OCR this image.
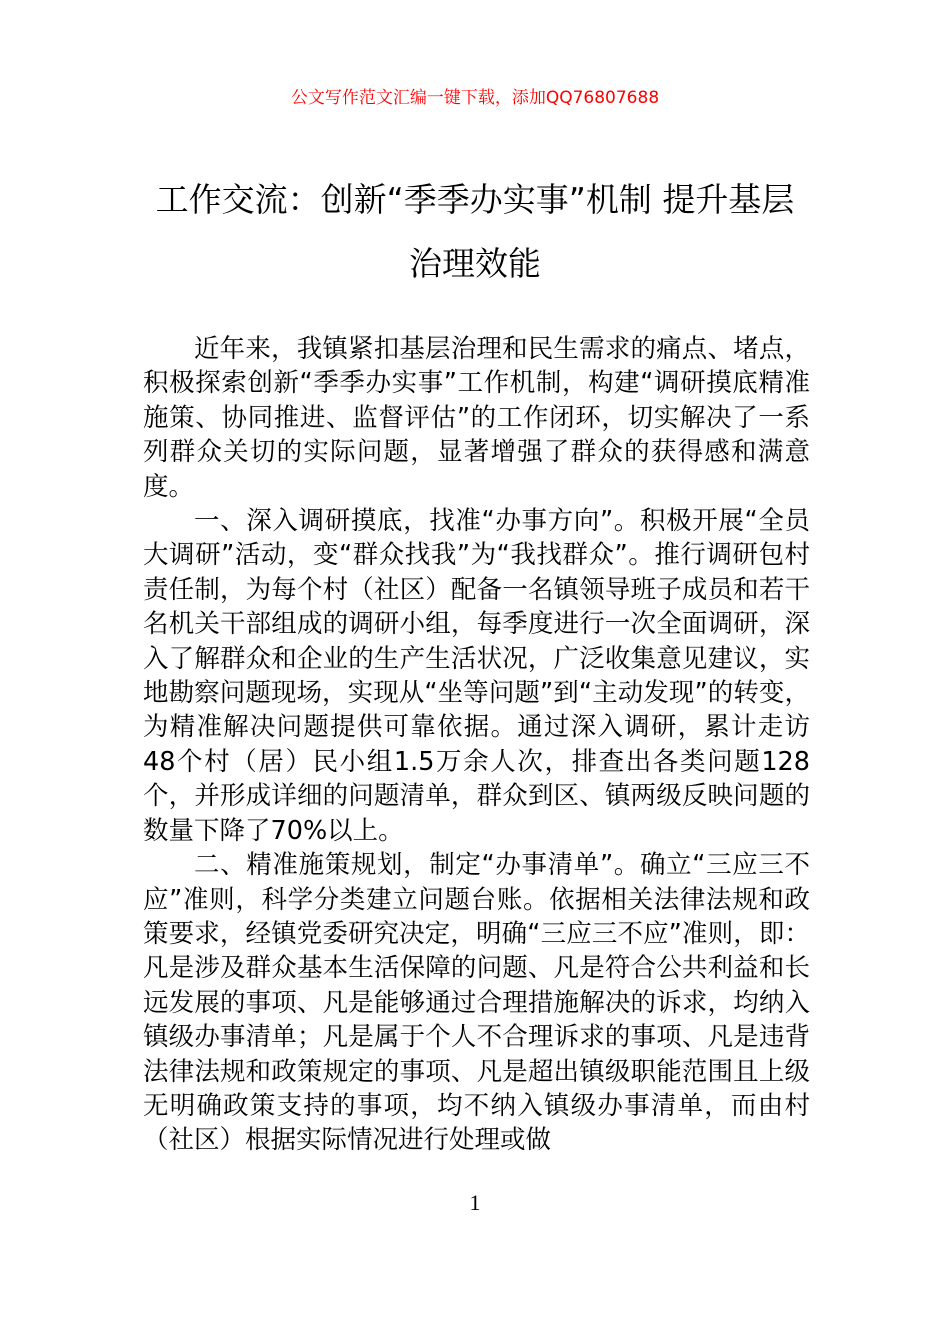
公文写作范文汇编一键下载，添加QQ76807688
工作交流：创新“季季办实事”机制 提升基层治理效能

近年来，我镇紧扣基层治理和民生需求的痛点、堵点，积极探索创新“季季办实事”工作机制，构建“调研摸底精准施策、协同推进、监督评估”的工作闭环，切实解决了一系列群众关切的实际问题，显著增强了群众的获得感和满意度。

一、深入调研摸底，找准“办事方向”。积极开展“全员大调研”活动，变“群众找我”为“我找群众”。推行调研包村责任制，为每个村（社区）配备一名镇领导班子成员和若干名机关干部组成的调研小组，每季度进行一次全面调研，深入了解群众和企业的生产生活状况，广泛收集意见建议，实地勘察问题现场，实现从“坐等问题”到“主动发现”的转变，为精准解决问题提供可靠依据。通过深入调研，累计走访48个村（居）民小组1.5万余人次，排查出各类问题128个，并形成详细的问题清单，群众到区、镇两级反映问题的数量下降了70%以上。

二、精准施策规划，制定“办事清单”。确立“三应三不应”准则，科学分类建立问题台账。依据相关法律法规和政策要求，经镇党委研究决定，明确“三应三不应”准则，即：凡是涉及群众基本生活保障的问题、凡是符合公共利益和长远发展的事项、凡是能够通过合理措施解决的诉求，均纳入镇级办事清单；凡是属于个人不合理诉求的事项、凡是违背法律法规和政策规定的事项、凡是超出镇级职能范围且上级无明确政策支持的事项，均不纳入镇级办事清单，而由村（社区）根据实际情况进行处理或做

1
